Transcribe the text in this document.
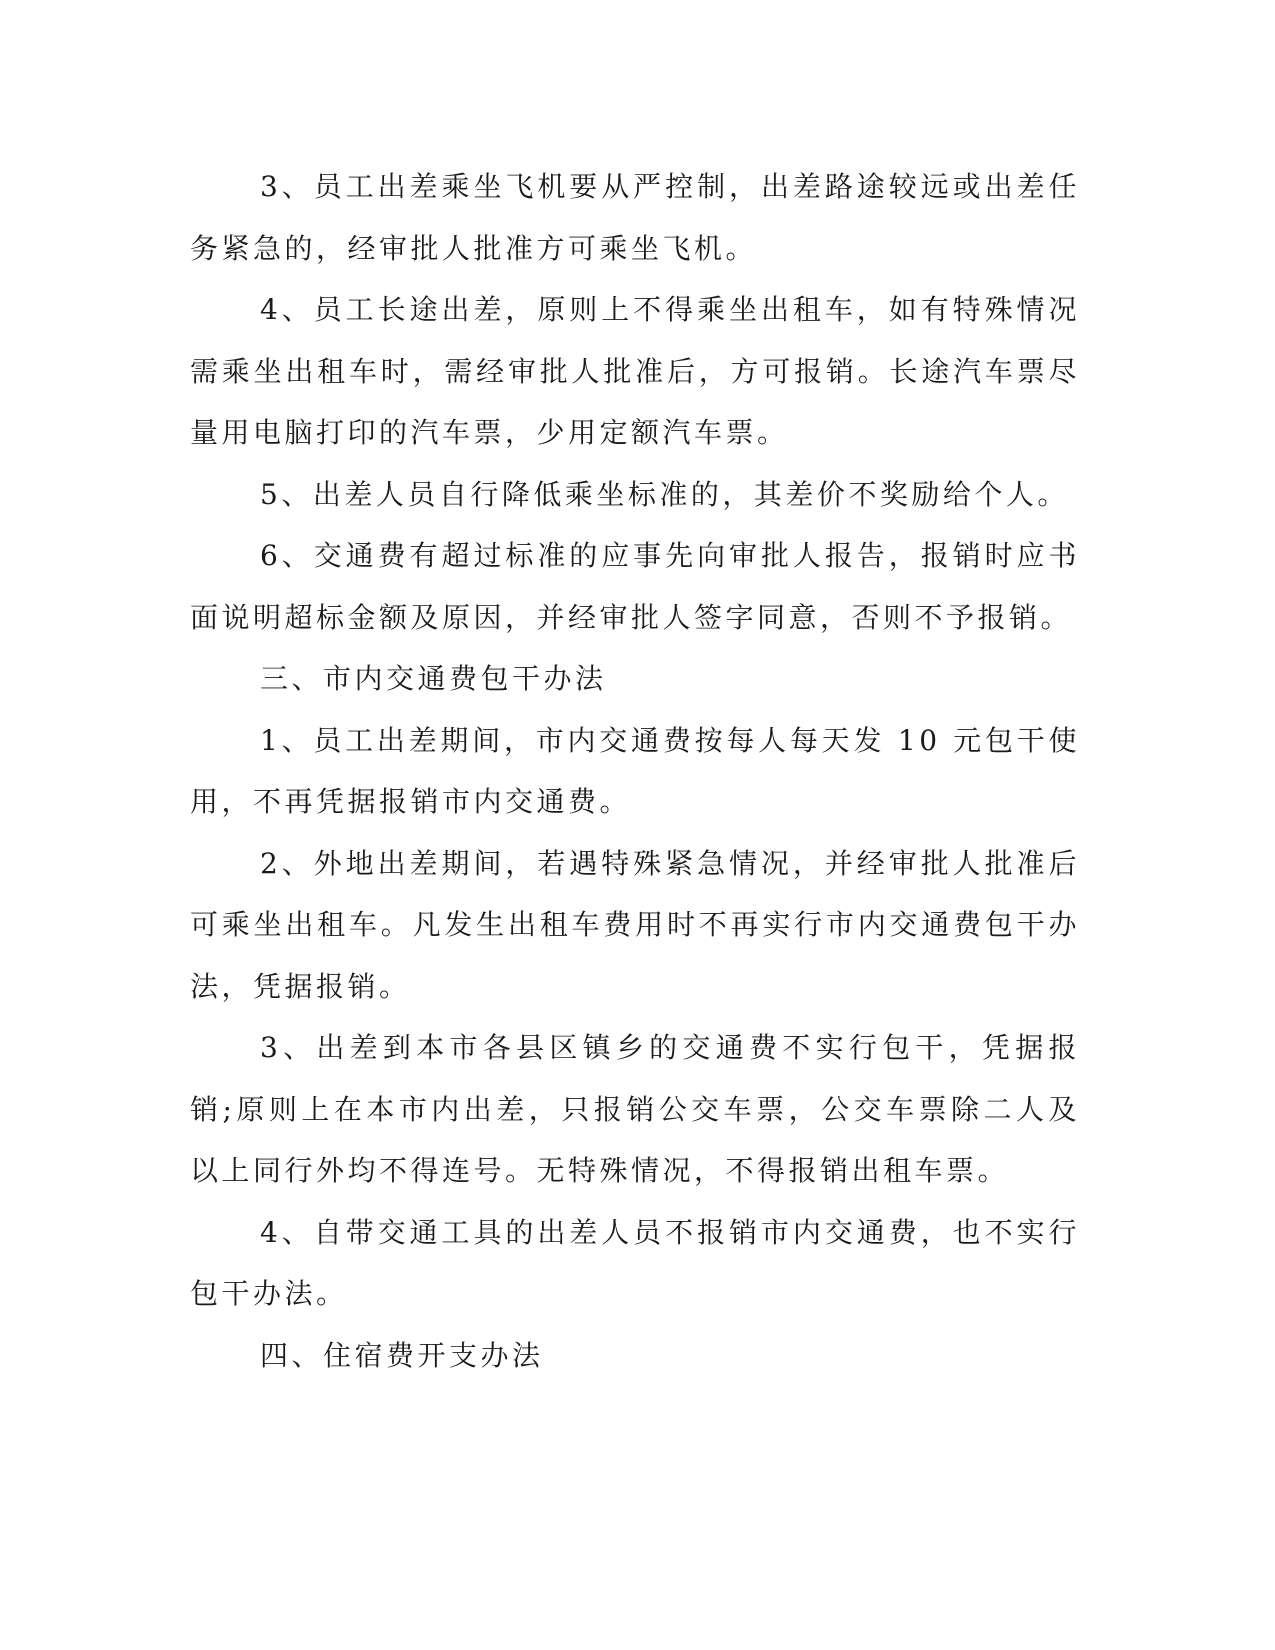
3、员工出差乘坐飞机要从严控制，出差路途较远或出差任务紧急的，经审批人批准方可乘坐飞机。

4、员工长途出差，原则上不得乘坐出租车，如有特殊情况需乘坐出租车时，需经审批人批准后，方可报销。长途汽车票尽量用电脑打印的汽车票，少用定额汽车票。

5、出差人员自行降低乘坐标准的，其差价不奖励给个人。

6、交通费有超过标准的应事先向审批人报告，报销时应书面说明超标金额及原因，并经审批人签字同意，否则不予报销。

三、市内交通费包干办法

1、员工出差期间，市内交通费按每人每天发 10 元包干使用，不再凭据报销市内交通费。

2、外地出差期间，若遇特殊紧急情况，并经审批人批准后可乘坐出租车。凡发生出租车费用时不再实行市内交通费包干办法，凭据报销。

3、出差到本市各县区镇乡的交通费不实行包干，凭据报销;原则上在本市内出差，只报销公交车票，公交车票除二人及以上同行外均不得连号。无特殊情况，不得报销出租车票。

4、自带交通工具的出差人员不报销市内交通费，也不实行包干办法。

四、住宿费开支办法
